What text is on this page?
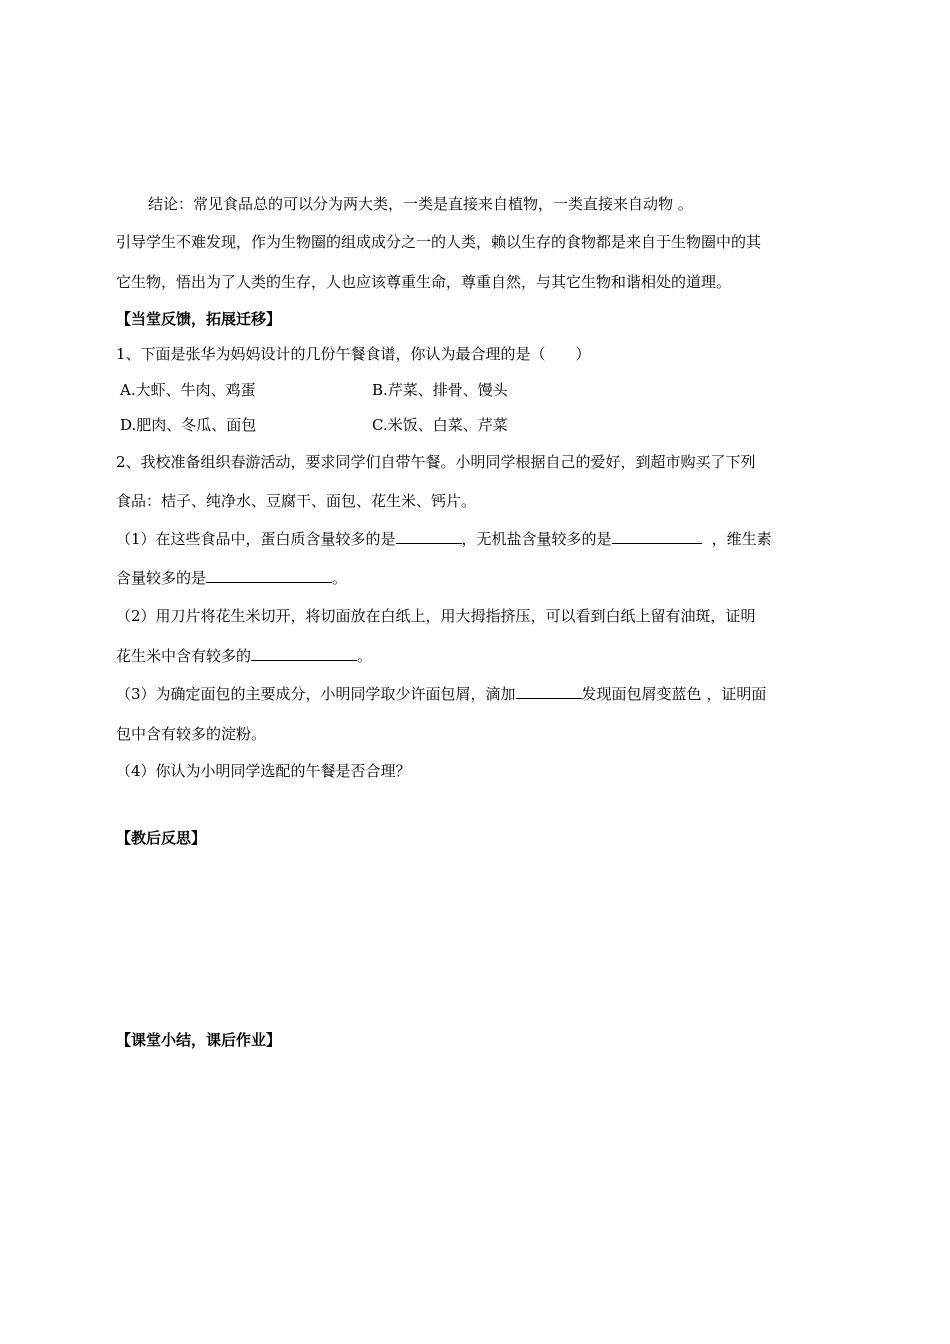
结论：常见食品总的可以分为两大类，一类是直接来自植物，一类直接来自动物 。
引导学生不难发现，作为生物圈的组成成分之一的人类，赖以生存的食物都是来自于生物圈中的其
它生物，悟出为了人类的生存，人也应该尊重生命，尊重自然，与其它生物和谐相处的道理。
【当堂反馈，拓展迁移】
1、下面是张华为妈妈设计的几份午餐食谱，你认为最合理的是（　　）
A.大虾、牛肉、鸡蛋	B.芹菜、排骨、馒头
D.肥肉、冬瓜、面包	C.米饭、白菜、芹菜
2、我校准备组织春游活动，要求同学们自带午餐。小明同学根据自己的爱好，到超市购买了下列
食品：桔子、纯净水、豆腐干、面包、花生米、钙片。
（1）在这些食品中，蛋白质含量较多的是	，无机盐含量较多的是	，维生素
含量较多的是	。
（2）用刀片将花生米切开，将切面放在白纸上，用大拇指挤压，可以看到白纸上留有油斑，证明
花生米中含有较多的	。
（3）为确定面包的主要成分，小明同学取少许面包屑，滴加	发现面包屑变蓝色 ，证明面
包中含有较多的淀粉。
（4）你认为小明同学选配的午餐是否合理？
【教后反思】
【课堂小结，课后作业】
